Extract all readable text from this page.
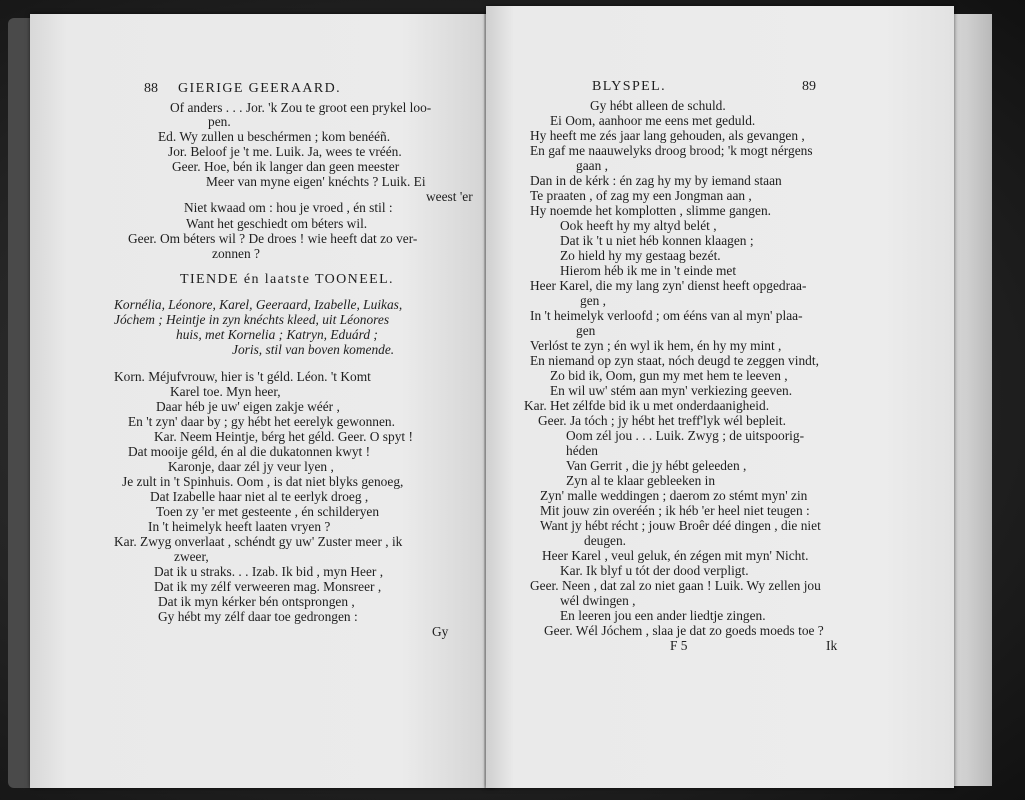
88 GIERIGE GEERAARD.
Of anders . . . Jor. 'k Zou te groot een prykel loo-
pen.
Ed. Wy zullen u beschérmen ; kom benééñ.
Jor. Beloof je 't me. Luik. Ja, wees te vréén.
Geer. Hoe, bén ik langer dan geen meester
Meer van myne eigen' knéchts ? Luik. Ei
weest 'er
Niet kwaad om : hou je vroed , én stil :
Want het geschiedt om béters wil.
Geer. Om béters wil ? De droes ! wie heeft dat zo ver-
zonnen ?
TIENDE én laatste TOONEEL.
Kornélia, Léonore, Karel, Geeraard, Izabelle, Luikas,
Jóchem ; Heintje in zyn knéchts kleed, uit Léonores
huis, met Kornelia ; Katryn, Eduárd ;
Joris, stil van boven komende.
Korn. Méjufvrouw, hier is 't géld. Léon. 't Komt
Karel toe. Myn heer,
Daar héb je uw' eigen zakje wéér ,
En 't zyn' daar by ; gy hébt het eerelyk gewonnen.
Kar. Neem Heintje, bérg het géld. Geer. O spyt !
Dat mooije géld, én al die dukatonnen kwyt !
Karonje, daar zél jy veur lyen ,
Je zult in 't Spinhuis. Oom , is dat niet blyks genoeg,
Dat Izabelle haar niet al te eerlyk droeg ,
Toen zy 'er met gesteente , én schilderyen
In 't heimelyk heeft laaten vryen ?
Kar. Zwyg onverlaat , schéndt gy uw' Zuster meer , ik
zweer,
Dat ik u straks. . . Izab. Ik bid , myn Heer ,
Dat ik my zélf verweeren mag. Monsreer ,
Dat ik myn kérker bén ontsprongen ,
Gy hébt my zélf daar toe gedrongen :
Gy
BLYSPEL.	89
Gy hébt alleen de schuld.
Ei Oom, aanhoor me eens met geduld.
Hy heeft me zés jaar lang gehouden, als gevangen ,
En gaf me naauwelyks droog brood; 'k mogt nérgens
gaan ,
Dan in de kérk : én zag hy my by iemand staan
Te praaten , of zag my een Jongman aan ,
Hy noemde het komplotten , slimme gangen.
Ook heeft hy my altyd belét ,
Dat ik 't u niet héb konnen klaagen ;
Zo hield hy my gestaag bezét.
Hierom héb ik me in 't einde met
Heer Karel, die my lang zyn' dienst heeft opgedraa-
gen ,
In 't heimelyk verloofd ; om ééns van al myn' plaa-
gen
Verlóst te zyn ; én wyl ik hem, én hy my mint ,
En niemand op zyn staat, nóch deugd te zeggen vindt,
Zo bid ik, Oom, gun my met hem te leeven ,
En wil uw' stém aan myn' verkiezing geeven.
Kar. Het zélfde bid ik u met onderdaanigheid.
Geer. Ja tóch ; jy hébt het treff'lyk wél bepleit.
Oom zél jou . . . Luik. Zwyg ; de uitspoorig-
héden
Van Gerrit , die jy hébt geleeden ,
Zyn al te klaar gebleeken in
Zyn' malle weddingen ; daerom zo stémt myn' zin
Mit jouw zin overéén ; ik héb 'er heel niet teugen :
Want jy hébt récht ; jouw Broêr déé dingen , die niet
deugen.
Heer Karel , veul geluk, én zégen mit myn' Nicht.
Kar. Ik blyf u tót der dood verpligt.
Geer. Neen , dat zal zo niet gaan ! Luik. Wy zellen jou
wél dwingen ,
En leeren jou een ander liedtje zingen.
Geer. Wél Jóchem , slaa je dat zo goeds moeds toe ?
F 5	Ik
